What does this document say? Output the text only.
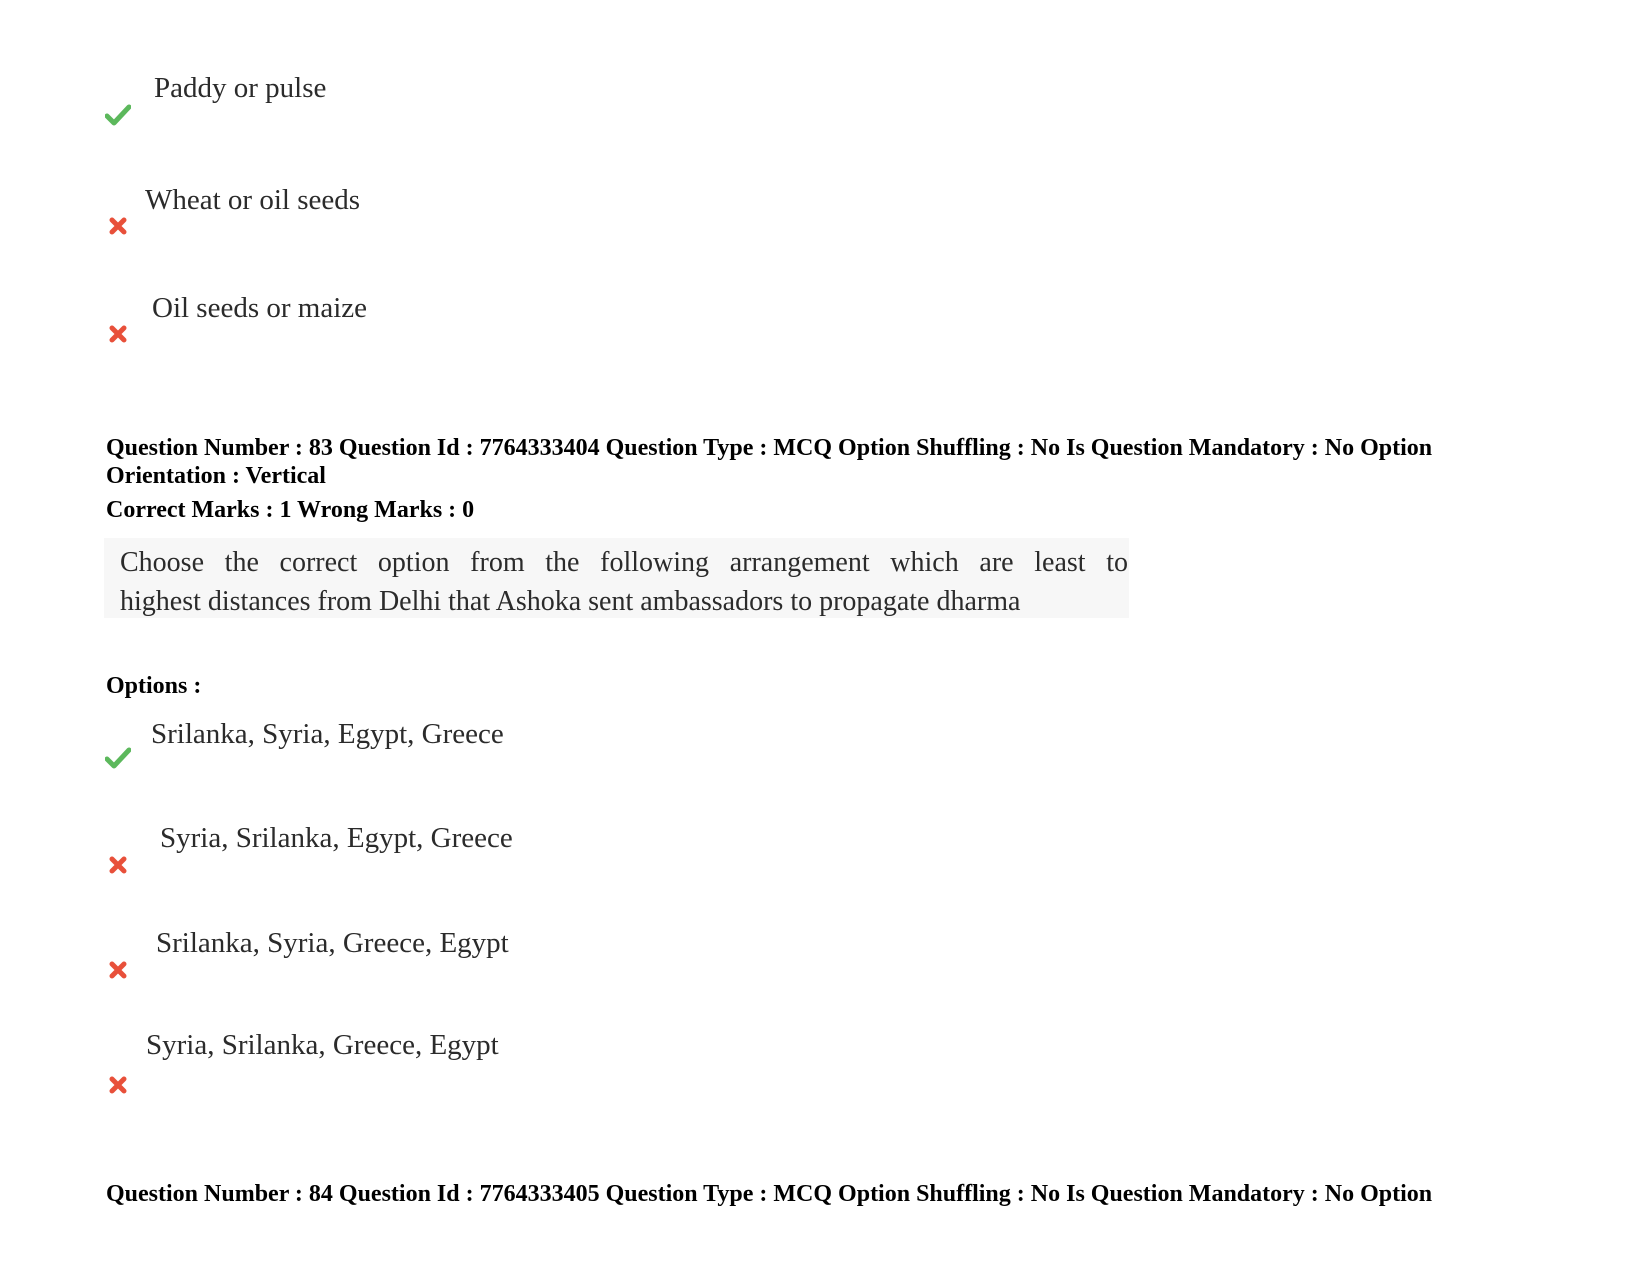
Paddy or pulse
Wheat or oil seeds
Oil seeds or maize
Question Number : 83 Question Id : 7764333404 Question Type : MCQ Option Shuffling : No Is Question Mandatory : No Option
Orientation : Vertical
Correct Marks : 1 Wrong Marks : 0
Choose the correct option from the following arrangement which are least to
highest distances from Delhi that Ashoka sent ambassadors to propagate dharma
Options :
Srilanka, Syria, Egypt, Greece
Syria, Srilanka, Egypt, Greece
Srilanka, Syria, Greece, Egypt
Syria, Srilanka, Greece, Egypt
Question Number : 84 Question Id : 7764333405 Question Type : MCQ Option Shuffling : No Is Question Mandatory : No Option
